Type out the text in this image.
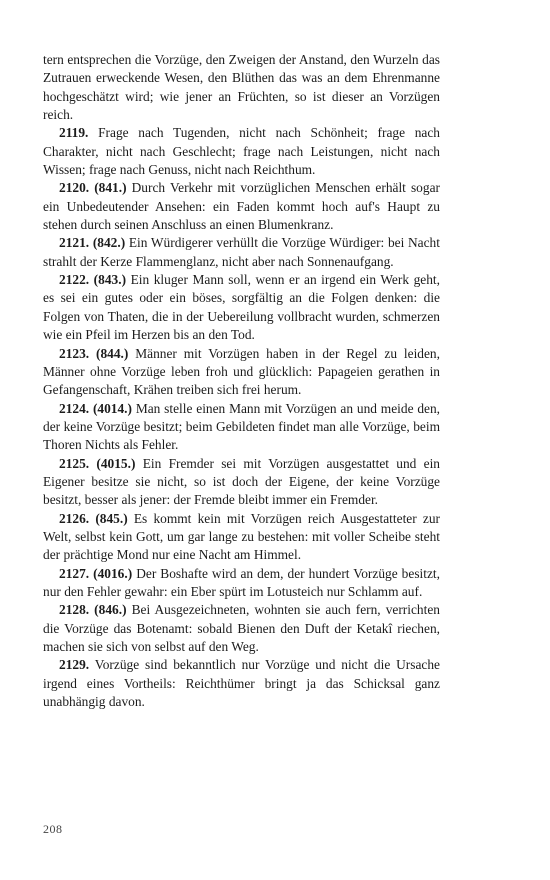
tern entsprechen die Vorzüge, den Zweigen der Anstand, den Wurzeln das Zutrauen erweckende Wesen, den Blüthen das was an dem Ehrenmanne hochgeschätzt wird; wie jener an Früchten, so ist dieser an Vorzügen reich.

2119. Frage nach Tugenden, nicht nach Schönheit; frage nach Charakter, nicht nach Geschlecht; frage nach Leistungen, nicht nach Wissen; frage nach Genuss, nicht nach Reichthum.

2120. (841.) Durch Verkehr mit vorzüglichen Menschen erhält sogar ein Unbedeutender Ansehen: ein Faden kommt hoch auf's Haupt zu stehen durch seinen Anschluss an einen Blumenkranz.

2121. (842.) Ein Würdigerer verhüllt die Vorzüge Würdiger: bei Nacht strahlt der Kerze Flammenglanz, nicht aber nach Sonnenaufgang.

2122. (843.) Ein kluger Mann soll, wenn er an irgend ein Werk geht, es sei ein gutes oder ein böses, sorgfältig an die Folgen denken: die Folgen von Thaten, die in der Uebereilung vollbracht wurden, schmerzen wie ein Pfeil im Herzen bis an den Tod.

2123. (844.) Männer mit Vorzügen haben in der Regel zu leiden, Männer ohne Vorzüge leben froh und glücklich: Papageien gerathen in Gefangenschaft, Krähen treiben sich frei herum.

2124. (4014.) Man stelle einen Mann mit Vorzügen an und meide den, der keine Vorzüge besitzt; beim Gebildeten findet man alle Vorzüge, beim Thoren Nichts als Fehler.

2125. (4015.) Ein Fremder sei mit Vorzügen ausgestattet und ein Eigener besitze sie nicht, so ist doch der Eigene, der keine Vorzüge besitzt, besser als jener: der Fremde bleibt immer ein Fremder.

2126. (845.) Es kommt kein mit Vorzügen reich Ausgestatteter zur Welt, selbst kein Gott, um gar lange zu bestehen: mit voller Scheibe steht der prächtige Mond nur eine Nacht am Himmel.

2127. (4016.) Der Boshafte wird an dem, der hundert Vorzüge besitzt, nur den Fehler gewahr: ein Eber spürt im Lotusteich nur Schlamm auf.

2128. (846.) Bei Ausgezeichneten, wohnten sie auch fern, verrichten die Vorzüge das Botenamt: sobald Bienen den Duft der Ketakî riechen, machen sie sich von selbst auf den Weg.

2129. Vorzüge sind bekanntlich nur Vorzüge und nicht die Ursache irgend eines Vortheils: Reichthümer bringt ja das Schicksal ganz unabhängig davon.

208
